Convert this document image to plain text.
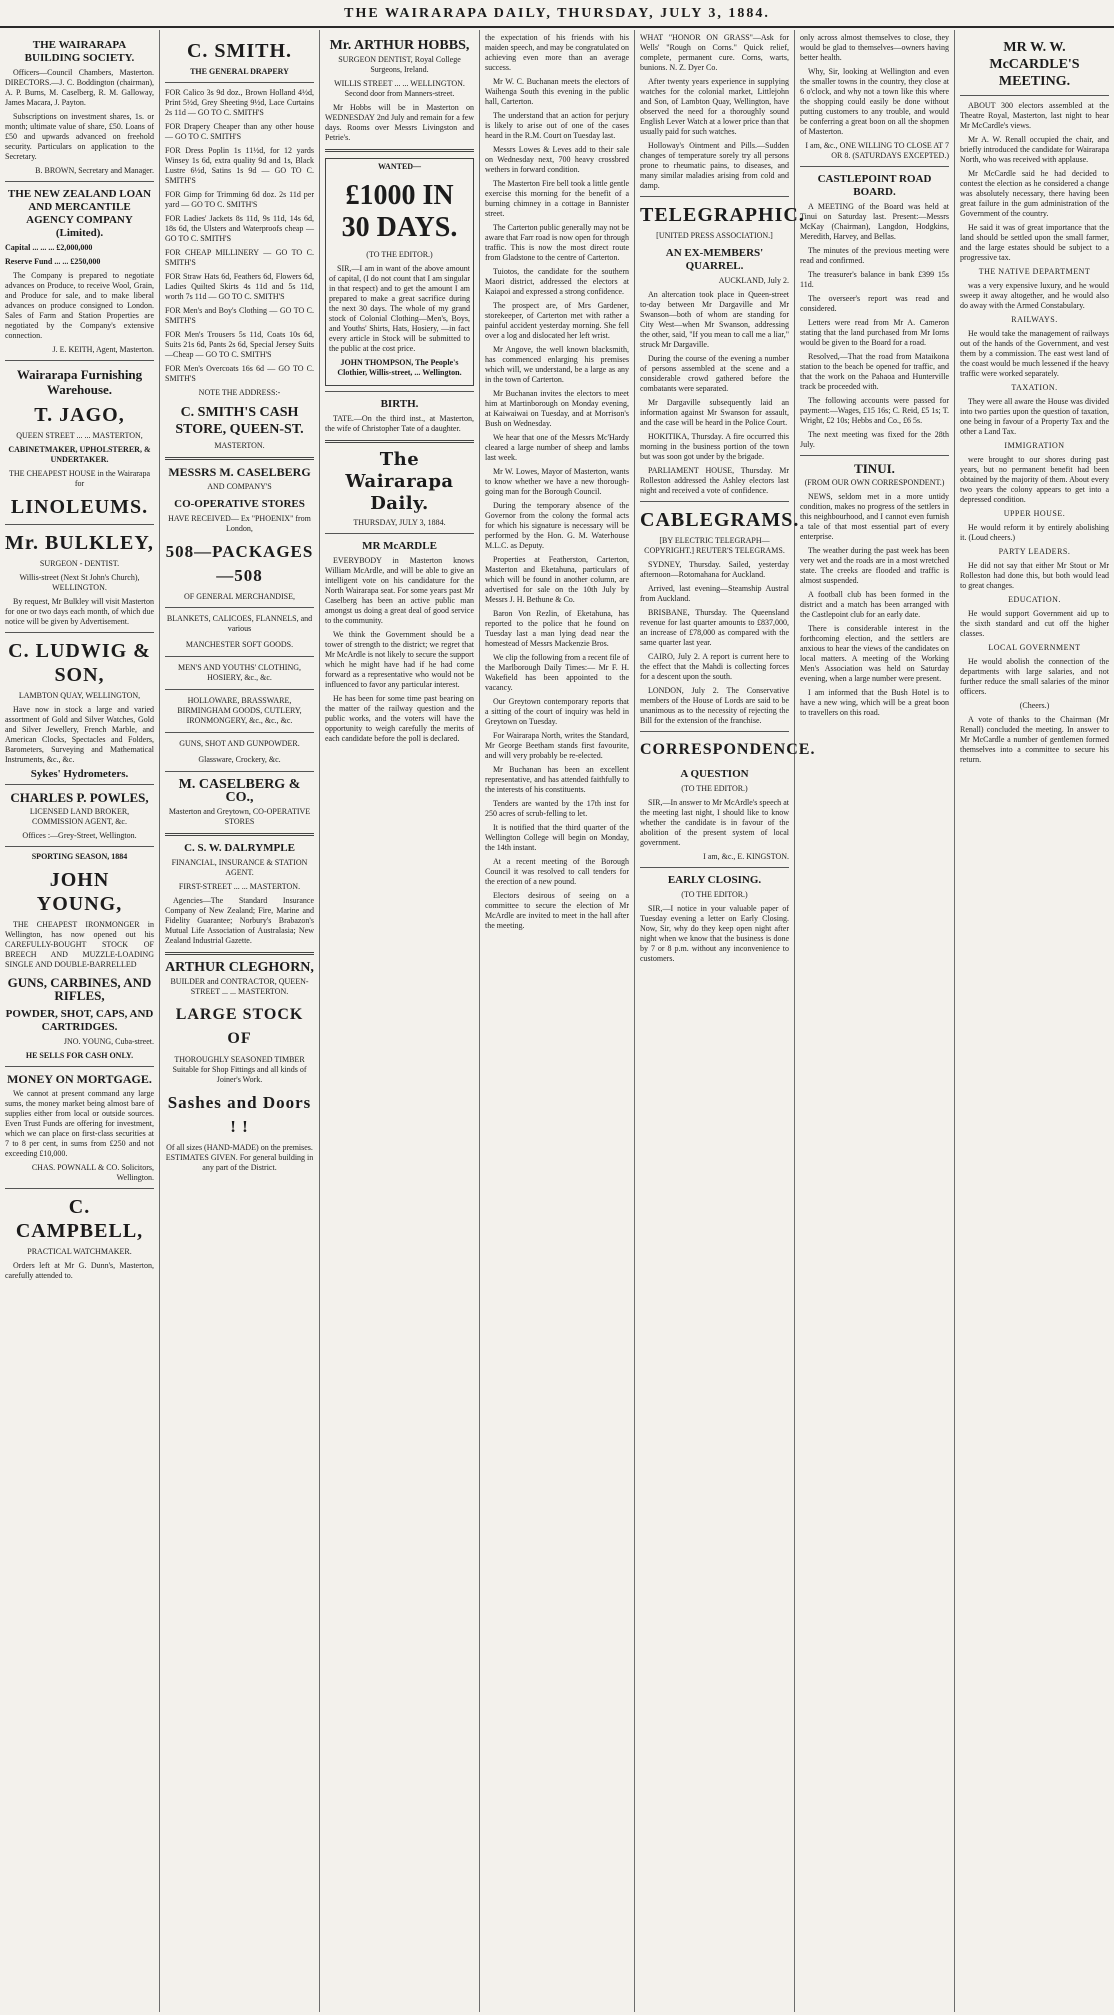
THE WAIRARAPA DAILY, THURSDAY, JULY 3, 1884.
THE WAIRARAPA BUILDING SOCIETY.

Officers—Council Chambers, Masterton. DIRECTORS.—J. C. Boddington (chairman), A. P. Burns, M. Caselberg, R. M. Galloway, James Macara, J. Payton.

Subscriptions on investment shares, 1s. or month; ultimate value of share, £50. Loans of £50 and upwards advanced on freehold security. Particulars on application to the Secretary.

B. BROWN, Secretary and Manager.

THE NEW ZEALAND LOAN AND MERCANTILE AGENCY COMPANY (Limited).

Capital ... ... ... £2,000,000

Reserve Fund ... ... £250,000

The Company is prepared to negotiate advances on Produce, to receive Wool, Grain, and Produce for sale, and to make liberal advances on produce consigned to London. Sales of Farm and Station Properties are negotiated by the Company's extensive connection.

J. E. KEITH, Agent, Masterton.

Wairarapa Furnishing Warehouse.
T. JAGO,

QUEEN STREET ... ... MASTERTON,

CABINETMAKER, UPHOLSTERER, & UNDERTAKER.

THE CHEAPEST HOUSE in the Wairarapa for

LINOLEUMS.
Mr. BULKLEY,

SURGEON - DENTIST.

Willis-street (Next St John's Church), WELLINGTON.

By request, Mr Bulkley will visit Masterton for one or two days each month, of which due notice will be given by Advertisement.

C. LUDWIG & SON,

LAMBTON QUAY, WELLINGTON,

Have now in stock a large and varied assortment of Gold and Silver Watches, Gold and Silver Jewellery, French Marble, and American Clocks, Spectacles and Folders, Barometers, Surveying and Mathematical Instruments, &c., &c.

Sykes' Hydrometers.

CHARLES P. POWLES,

LICENSED LAND BROKER, COMMISSION AGENT, &c.

Offices :—Grey-Street, Wellington.

SPORTING SEASON, 1884

JOHN YOUNG,

THE CHEAPEST IRONMONGER in Wellington, has now opened out his CAREFULLY-BOUGHT STOCK OF BREECH AND MUZZLE-LOADING SINGLE AND DOUBLE-BARRELLED

GUNS, CARBINES, AND RIFLES,
POWDER, SHOT, CAPS, AND CARTRIDGES.

JNO. YOUNG, Cuba-street.

HE SELLS FOR CASH ONLY.

MONEY ON MORTGAGE.

We cannot at present command any large sums, the money market being almost bare of supplies either from local or outside sources. Even Trust Funds are offering for investment, which we can place on first-class securities at 7 to 8 per cent, in sums from £250 and not exceeding £10,000.

CHAS. POWNALL & CO. Solicitors, Wellington.

C. CAMPBELL,

PRACTICAL WATCHMAKER.

Orders left at Mr G. Dunn's, Masterton, carefully attended to.

C. SMITH.

THE GENERAL DRAPERY

FOR Calico 3s 9d doz., Brown Holland 4½d, Print 5½d, Grey Sheeting 9½d, Lace Curtains 2s 11d — GO TO C. SMITH'S

FOR Drapery Cheaper than any other house — GO TO C. SMITH'S

FOR Dress Poplin 1s 11½d, for 12 yards Winsey 1s 6d, extra quality 9d and 1s, Black Lustre 6½d, Satins 1s 9d — GO TO C. SMITH'S

FOR Gimp for Trimming 6d doz. 2s 11d per yard — GO TO C. SMITH'S

FOR Ladies' Jackets 8s 11d, 9s 11d, 14s 6d, 18s 6d, the Ulsters and Waterproofs cheap — GO TO C. SMITH'S

FOR CHEAP MILLINERY — GO TO C. SMITH'S

FOR Straw Hats 6d, Feathers 6d, Flowers 6d, Ladies Quilted Skirts 4s 11d and 5s 11d, worth 7s 11d — GO TO C. SMITH'S

FOR Men's and Boy's Clothing — GO TO C. SMITH'S

FOR Men's Trousers 5s 11d, Coats 10s 6d, Suits 21s 6d, Pants 2s 6d, Special Jersey Suits—Cheap — GO TO C. SMITH'S

FOR Men's Overcoats 16s 6d — GO TO C. SMITH'S

NOTE THE ADDRESS:-

C. SMITH'S CASH STORE, QUEEN-ST.

MASTERTON.

MESSRS M. CASELBERG

AND COMPANY'S

CO-OPERATIVE STORES

HAVE RECEIVED— Ex "PHOENIX" from London,

508—PACKAGES—508

OF GENERAL MERCHANDISE,

BLANKETS, CALICOES, FLANNELS, and various

MANCHESTER SOFT GOODS.

MEN'S AND YOUTHS' CLOTHING, HOSIERY, &c., &c.

HOLLOWARE, BRASSWARE, BIRMINGHAM GOODS, CUTLERY, IRONMONGERY, &c., &c., &c.

GUNS, SHOT AND GUNPOWDER.

Glassware, Crockery, &c.

M. CASELBERG & CO.,

Masterton and Greytown, CO-OPERATIVE STORES

C. S. W. DALRYMPLE

FINANCIAL, INSURANCE & STATION AGENT.

FIRST-STREET ... ... MASTERTON.

Agencies—The Standard Insurance Company of New Zealand; Fire, Marine and Fidelity Guarantee; Norbury's Brabazon's Mutual Life Association of Australasia; New Zealand Industrial Gazette.

ARTHUR CLEGHORN,

BUILDER and CONTRACTOR, QUEEN-STREET ... ... MASTERTON.

LARGE STOCK OF

THOROUGHLY SEASONED TIMBER Suitable for Shop Fittings and all kinds of Joiner's Work.

Sashes and Doors ! !

Of all sizes (HAND-MADE) on the premises. ESTIMATES GIVEN. For general building in any part of the District.

Mr. ARTHUR HOBBS,

SURGEON DENTIST, Royal College Surgeons, Ireland.

WILLIS STREET ... ... WELLINGTON. Second door from Manners-street.

Mr Hobbs will be in Masterton on WEDNESDAY 2nd July and remain for a few days. Rooms over Messrs Livingston and Petrie's.

WANTED—

£1000 IN 30 DAYS.

(TO THE EDITOR.)

SIR,—I am in want of the above amount of capital, (I do not count that I am singular in that respect) and to get the amount I am prepared to make a great sacrifice during the next 30 days. The whole of my grand stock of Colonial Clothing—Men's, Boys, and Youths' Shirts, Hats, Hosiery, —in fact every article in Stock will be submitted to the public at the cost price.

JOHN THOMPSON, The People's Clothier, Willis-street, ... Wellington.

BIRTH.

TATE.—On the third inst., at Masterton, the wife of Christopher Tate of a daughter.

The Wairarapa Daily.

THURSDAY, JULY 3, 1884.

MR McARDLE

EVERYBODY in Masterton knows William McArdle, and will be able to give an intelligent vote on his candidature for the North Wairarapa seat. For some years past Mr Caselberg has been an active public man amongst us doing a great deal of good service to the community.

We think the Government should be a tower of strength to the district; we regret that Mr McArdle is not likely to secure the support which he might have had if he had come forward as a representative who would not be influenced to favor any particular interest.

He has been for some time past bearing on the matter of the railway question and the public works, and the voters will have the opportunity to weigh carefully the merits of each candidate before the poll is declared.

the expectation of his friends with his maiden speech, and may be congratulated on achieving even more than an average success.

Mr W. C. Buchanan meets the electors of Waihenga South this evening in the public hall, Carterton.

The understand that an action for perjury is likely to arise out of one of the cases heard in the R.M. Court on Tuesday last.

Messrs Lowes & Leves add to their sale on Wednesday next, 700 heavy crossbred wethers in forward condition.

The Masterton Fire bell took a little gentle exercise this morning for the benefit of a burning chimney in a cottage in Bannister street.

The Carterton public generally may not be aware that Farr road is now open for through traffic. This is now the most direct route from Gladstone to the centre of Carterton.

Tuiotos, the candidate for the southern Maori district, addressed the electors at Kaiapoi and expressed a strong confidence.

The prospect are, of Mrs Gardener, storekeeper, of Carterton met with rather a painful accident yesterday morning. She fell over a log and dislocated her left wrist.

Mr Angove, the well known blacksmith, has commenced enlarging his premises which will, we understand, be a large as any in the town of Carterton.

Mr Buchanan invites the electors to meet him at Martinborough on Monday evening, at Kaiwaiwai on Tuesday, and at Morrison's Bush on Wednesday.

We hear that one of the Messrs Mc'Hardy cleared a large number of sheep and lambs last week.

Mr W. Lowes, Mayor of Masterton, wants to know whether we have a new thorough-going man for the Borough Council.

During the temporary absence of the Governor from the colony the formal acts for which his signature is necessary will be performed by the Hon. G. M. Waterhouse M.L.C. as Deputy.

Properties at Featherston, Carterton, Masterton and Eketahuna, particulars of which will be found in another column, are advertised for sale on the 10th July by Messrs J. H. Bethune & Co.

Baron Von Rezlin, of Eketahuna, has reported to the police that he found on Tuesday last a man lying dead near the homestead of Messrs Mackenzie Bros.

We clip the following from a recent file of the Marlborough Daily Times:— Mr F. H. Wakefield has been appointed to the vacancy.

Our Greytown contemporary reports that a sitting of the court of inquiry was held in Greytown on Tuesday.

For Wairarapa North, writes the Standard, Mr George Beetham stands first favourite, and will very probably be re-elected.

Mr Buchanan has been an excellent representative, and has attended faithfully to the interests of his constituents.

Tenders are wanted by the 17th inst for 250 acres of scrub-felling to let.

It is notified that the third quarter of the Wellington College will begin on Monday, the 14th instant.

At a recent meeting of the Borough Council it was resolved to call tenders for the erection of a new pound.

Electors desirous of seeing on a committee to secure the election of Mr McArdle are invited to meet in the hall after the meeting.

WHAT "HONOR ON GRASS"—Ask for Wells' "Rough on Corns." Quick relief, complete, permanent cure. Corns, warts, bunions. N. Z. Dyer Co.

After twenty years experience in supplying watches for the colonial market, Littlejohn and Son, of Lambton Quay, Wellington, have observed the need for a thoroughly sound English Lever Watch at a lower price than that usually paid for such watches.

Holloway's Ointment and Pills.—Sudden changes of temperature sorely try all persons prone to rheumatic pains, to diseases, and many similar maladies arising from cold and damp.

TELEGRAPHIC.

[UNITED PRESS ASSOCIATION.]

AN EX-MEMBERS' QUARREL.

AUCKLAND, July 2.

An altercation took place in Queen-street to-day between Mr Dargaville and Mr Swanson—both of whom are standing for City West—when Mr Swanson, addressing the other, said, "If you mean to call me a liar," struck Mr Dargaville.

During the course of the evening a number of persons assembled at the scene and a considerable crowd gathered before the combatants were separated.

Mr Dargaville subsequently laid an information against Mr Swanson for assault, and the case will be heard in the Police Court.

HOKITIKA, Thursday. A fire occurred this morning in the business portion of the town but was soon got under by the brigade.

PARLIAMENT HOUSE, Thursday. Mr Rolleston addressed the Ashley electors last night and received a vote of confidence.

CABLEGRAMS.

[BY ELECTRIC TELEGRAPH—COPYRIGHT.] REUTER'S TELEGRAMS.

SYDNEY, Thursday. Sailed, yesterday afternoon—Rotomahana for Auckland.

Arrived, last evening—Steamship Austral from Auckland.

BRISBANE, Thursday. The Queensland revenue for last quarter amounts to £837,000, an increase of £78,000 as compared with the same quarter last year.

CAIRO, July 2. A report is current here to the effect that the Mahdi is collecting forces for a descent upon the south.

LONDON, July 2. The Conservative members of the House of Lords are said to be unanimous as to the necessity of rejecting the Bill for the extension of the franchise.

CORRESPONDENCE.
A QUESTION

(TO THE EDITOR.)

SIR,—In answer to Mr McArdle's speech at the meeting last night, I should like to know whether the candidate is in favour of the abolition of the present system of local government.

I am, &c., E. KINGSTON.

EARLY CLOSING.

(TO THE EDITOR.)

SIR,—I notice in your valuable paper of Tuesday evening a letter on Early Closing. Now, Sir, why do they keep open night after night when we know that the business is done by 7 or 8 p.m. without any inconvenience to customers.

only across almost themselves to close, they would be glad to themselves—owners having better health.

Why, Sir, looking at Wellington and even the smaller towns in the country, they close at 6 o'clock, and why not a town like this where the shopping could easily be done without putting customers to any trouble, and would be conferring a great boon on all the shopmen of Masterton.

I am, &c., ONE WILLING TO CLOSE AT 7 OR 8. (SATURDAYS EXCEPTED.)

CASTLEPOINT ROAD BOARD.

A MEETING of the Board was held at Tinui on Saturday last. Present:—Messrs McKay (Chairman), Langdon, Hodgkins, Meredith, Harvey, and Bellas.

The minutes of the previous meeting were read and confirmed.

The treasurer's balance in bank £399 15s 11d.

The overseer's report was read and considered.

Letters were read from Mr A. Cameron stating that the land purchased from Mr Iorns would be given to the Board for a road.

Resolved,—That the road from Mataikona station to the beach be opened for traffic, and that the work on the Pahaoa and Hunterville track be proceeded with.

The following accounts were passed for payment:—Wages, £15 16s; C. Reid, £5 1s; T. Wright, £2 10s; Hebbs and Co., £6 5s.

The next meeting was fixed for the 28th July.

TINUI.

(FROM OUR OWN CORRESPONDENT.)

NEWS, seldom met in a more untidy condition, makes no progress of the settlers in this neighbourhood, and I cannot even furnish a tale of that most essential part of every enterprise.

The weather during the past week has been very wet and the roads are in a most wretched state. The creeks are flooded and traffic is almost suspended.

A football club has been formed in the district and a match has been arranged with the Castlepoint club for an early date.

There is considerable interest in the forthcoming election, and the settlers are anxious to hear the views of the candidates on local matters. A meeting of the Working Men's Association was held on Saturday evening, when a large number were present.

I am informed that the Bush Hotel is to have a new wing, which will be a great boon to travellers on this road.

MR W. W. McCARDLE'S MEETING.

ABOUT 300 electors assembled at the Theatre Royal, Masterton, last night to hear Mr McCardle's views.

Mr A. W. Renall occupied the chair, and briefly introduced the candidate for Wairarapa North, who was received with applause.

Mr McCardle said he had decided to contest the election as he considered a change was absolutely necessary, there having been great failure in the gum administration of the Government of the country.

He said it was of great importance that the land should be settled upon the small farmer, and the large estates should be subject to a progressive tax.

THE NATIVE DEPARTMENT

was a very expensive luxury, and he would sweep it away altogether, and he would also do away with the Armed Constabulary.

RAILWAYS.

He would take the management of railways out of the hands of the Government, and vest them by a commission. The east west land of the coast would be much lessened if the heavy traffic were worked separately.

TAXATION.

They were all aware the House was divided into two parties upon the question of taxation, one being in favour of a Property Tax and the other a Land Tax.

IMMIGRATION

were brought to our shores during past years, but no permanent benefit had been obtained by the majority of them. About every two years the colony appears to get into a depressed condition.

UPPER HOUSE.

He would reform it by entirely abolishing it. (Loud cheers.)

PARTY LEADERS.

He did not say that either Mr Stout or Mr Rolleston had done this, but both would lead to great changes.

EDUCATION.

He would support Government aid up to the sixth standard and cut off the higher classes.

LOCAL GOVERNMENT

He would abolish the connection of the departments with large salaries, and not further reduce the small salaries of the minor officers.

(Cheers.)

A vote of thanks to the Chairman (Mr Renall) concluded the meeting. In answer to Mr McCardle a number of gentlemen formed themselves into a committee to secure his return.
